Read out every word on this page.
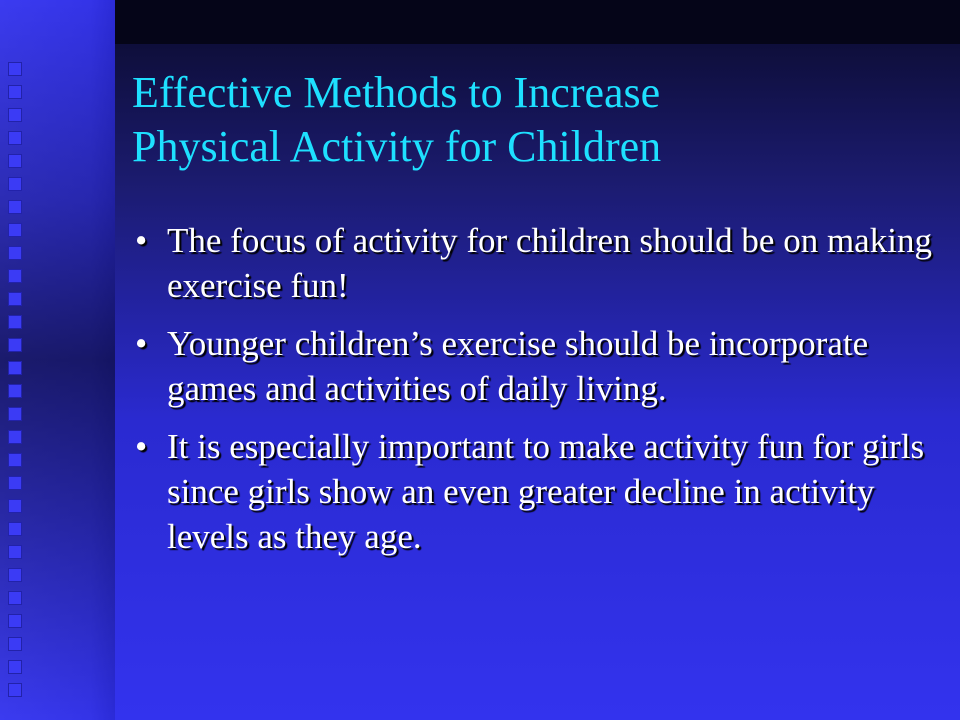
Effective Methods to Increase
Physical Activity for Children
• The focus of activity for children should be on making exercise fun!
• Younger children’s exercise should be incorporate games and activities of daily living.
• It is especially important to make activity fun for girls since girls show an even greater decline in activity levels as they age.
